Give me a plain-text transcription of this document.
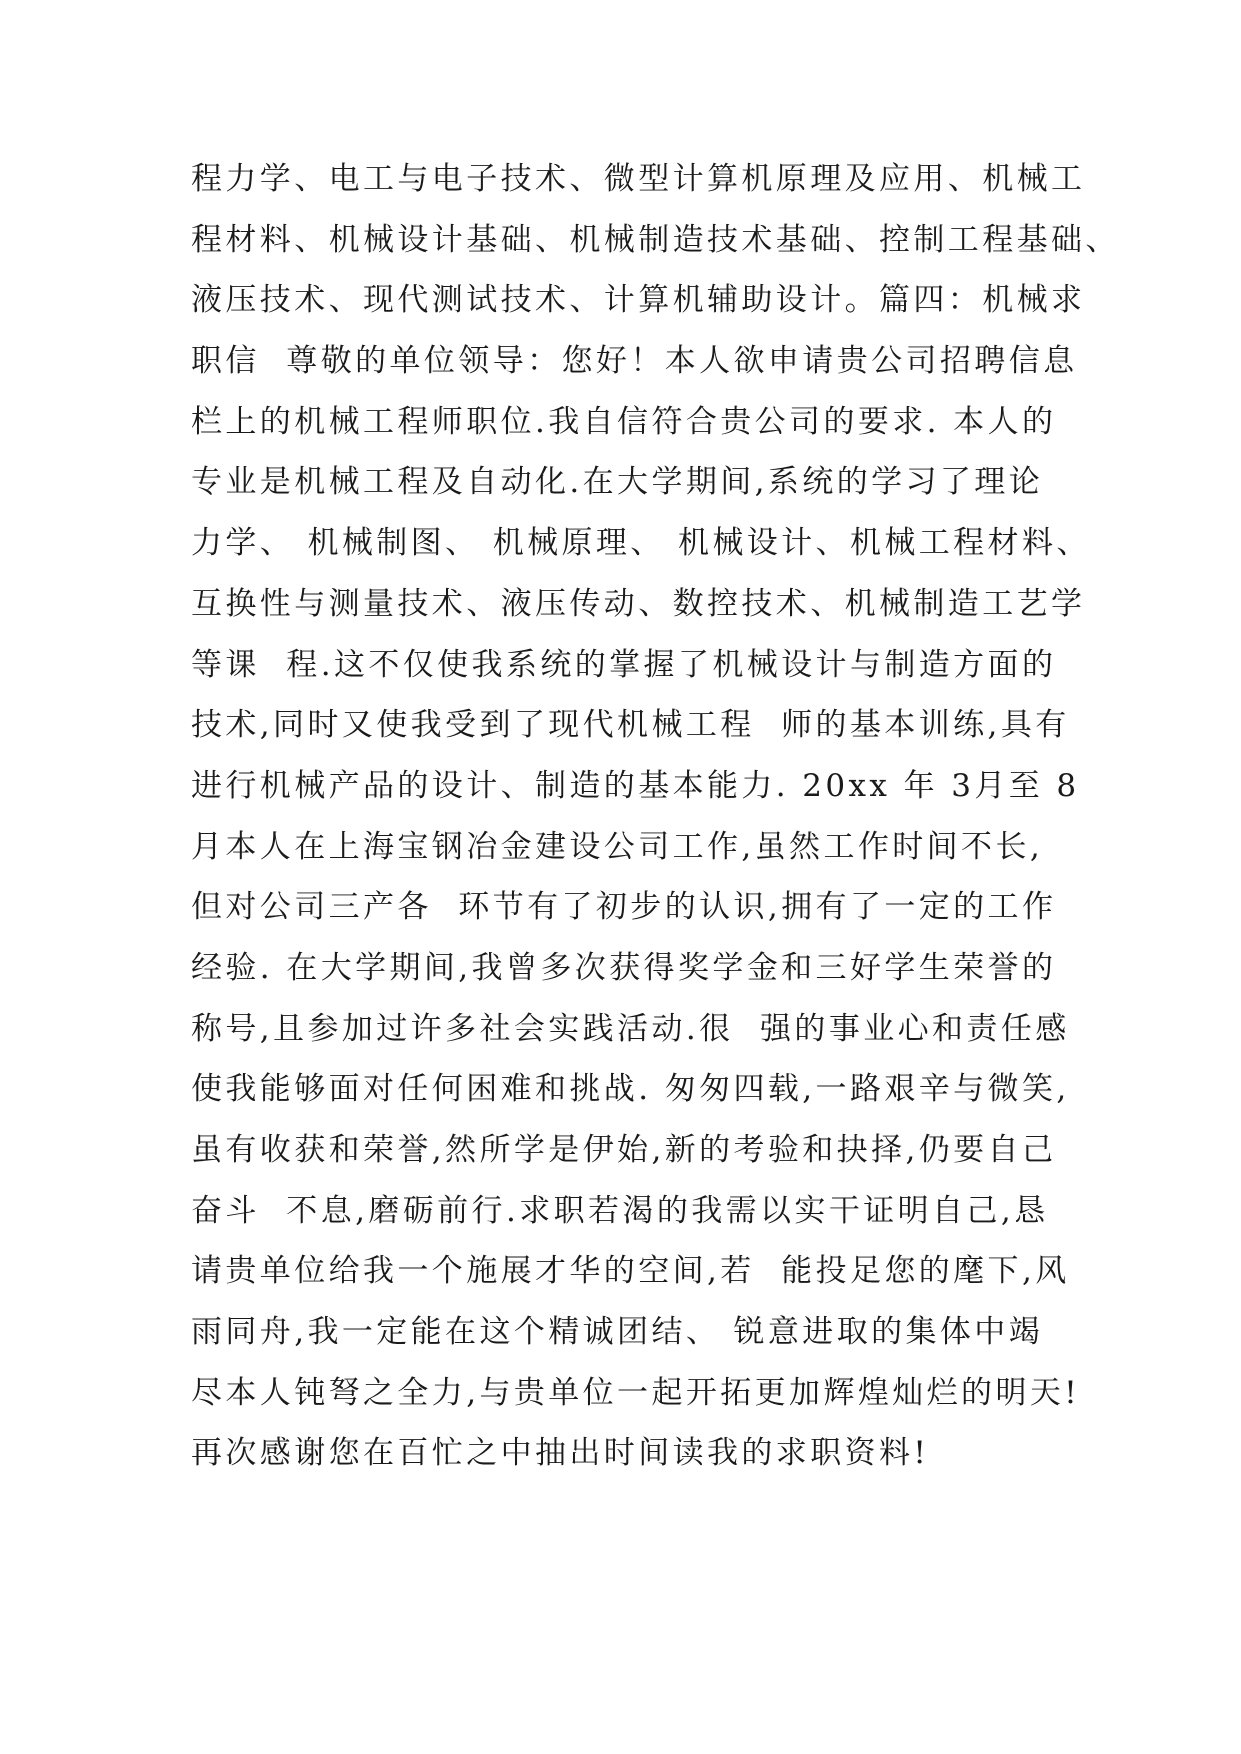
程力学、电工与电子技术、微型计算机原理及应用、机械工
程材料、机械设计基础、机械制造技术基础、控制工程基础、
液压技术、现代测试技术、计算机辅助设计。篇四：机械求
职信  尊敬的单位领导：您好！本人欲申请贵公司招聘信息
栏上的机械工程师职位.我自信符合贵公司的要求. 本人的
专业是机械工程及自动化.在大学期间,系统的学习了理论
力学、 机械制图、 机械原理、 机械设计、机械工程材料、
互换性与测量技术、液压传动、数控技术、机械制造工艺学
等课  程.这不仅使我系统的掌握了机械设计与制造方面的
技术,同时又使我受到了现代机械工程  师的基本训练,具有
进行机械产品的设计、制造的基本能力. 20xx 年 3月至 8
月本人在上海宝钢冶金建设公司工作,虽然工作时间不长,
但对公司三产各  环节有了初步的认识,拥有了一定的工作
经验. 在大学期间,我曾多次获得奖学金和三好学生荣誉的
称号,且参加过许多社会实践活动.很  强的事业心和责任感
使我能够面对任何困难和挑战. 匆匆四载,一路艰辛与微笑,
虽有收获和荣誉,然所学是伊始,新的考验和抉择,仍要自己
奋斗  不息,磨砺前行.求职若渴的我需以实干证明自己,恳
请贵单位给我一个施展才华的空间,若  能投足您的麾下,风
雨同舟,我一定能在这个精诚团结、 锐意进取的集体中竭
尽本人钝弩之全力,与贵单位一起开拓更加辉煌灿烂的明天!
再次感谢您在百忙之中抽出时间读我的求职资料!
